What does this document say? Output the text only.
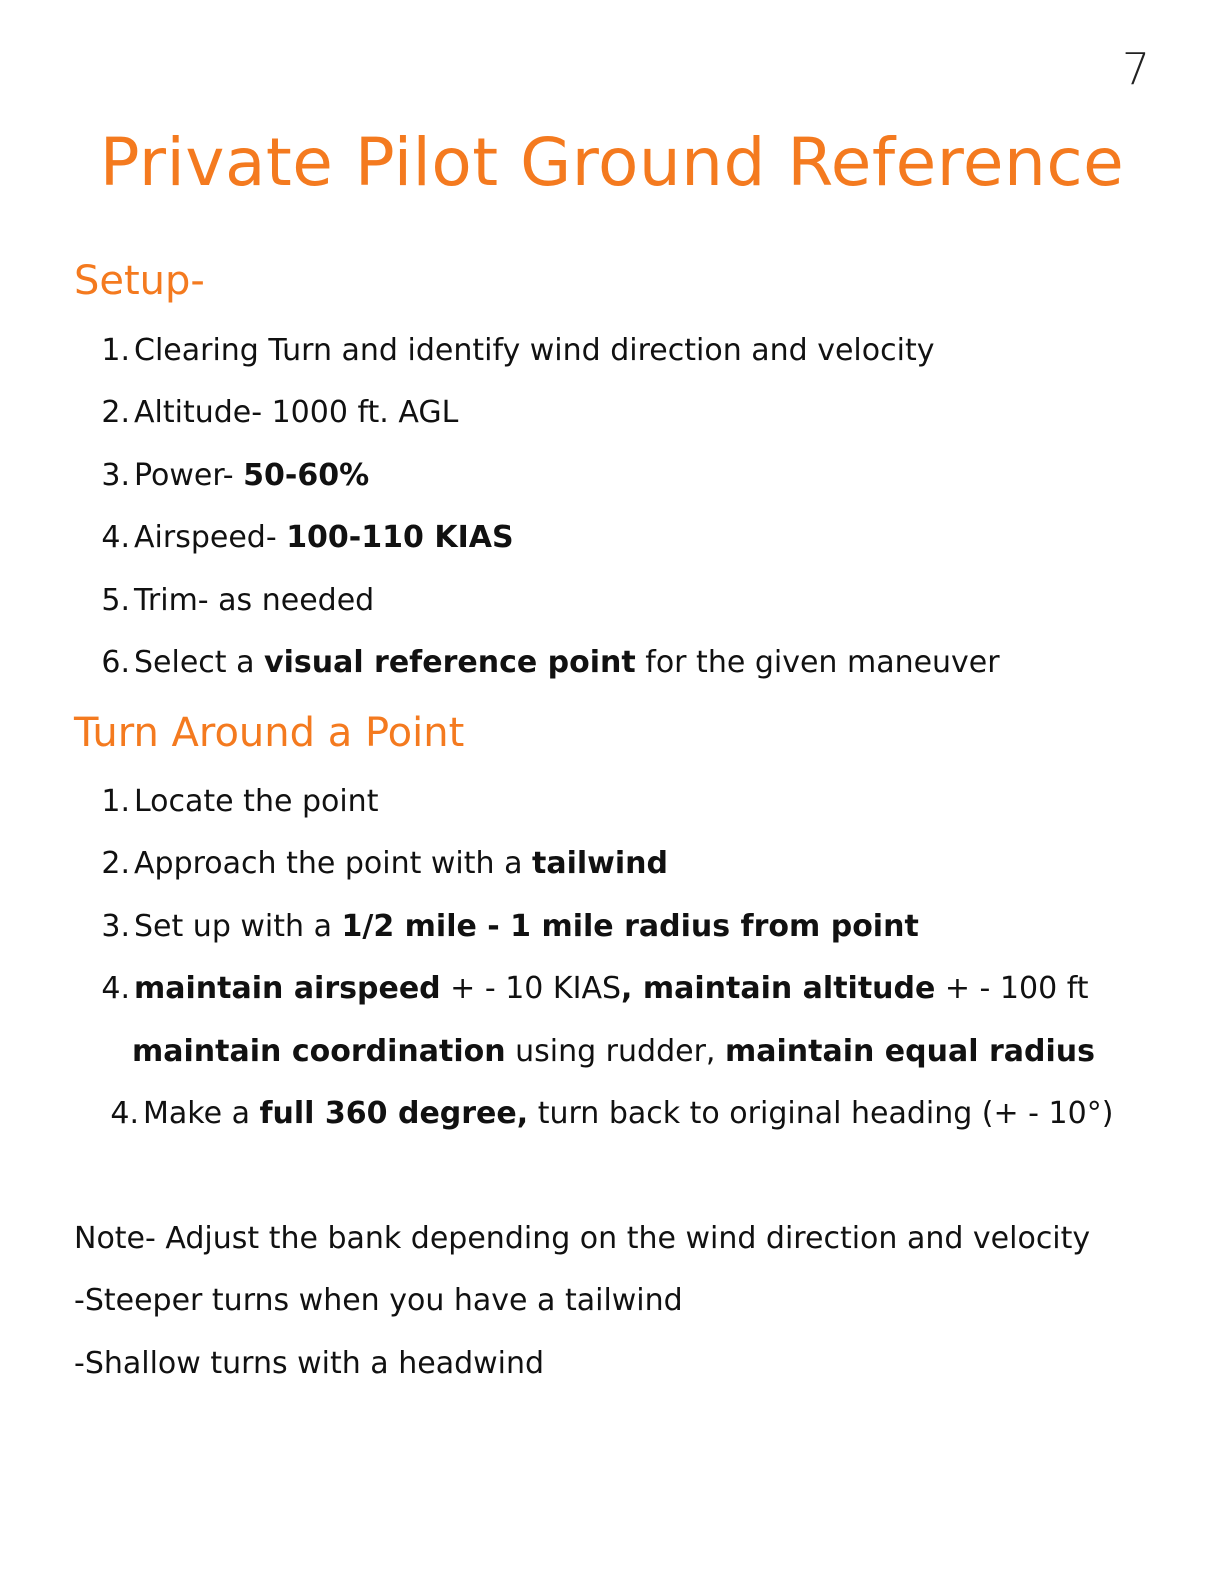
7
Private Pilot Ground Reference
Setup-
1. Clearing Turn and identify wind direction and velocity
2. Altitude- 1000 ft. AGL
3. Power- 50-60%
4. Airspeed- 100-110 KIAS
5. Trim- as needed
6. Select a visual reference point for the given maneuver
Turn Around a Point
1. Locate the point
2. Approach the point with a tailwind
3. Set up with a 1/2 mile - 1 mile radius from point
4. maintain airspeed + - 10 KIAS, maintain altitude + - 100 ft
maintain coordination using rudder, maintain equal radius
4. Make a full 360 degree, turn back to original heading (+ - 10°)
Note- Adjust the bank depending on the wind direction and velocity
-Steeper turns when you have a tailwind
-Shallow turns with a headwind
